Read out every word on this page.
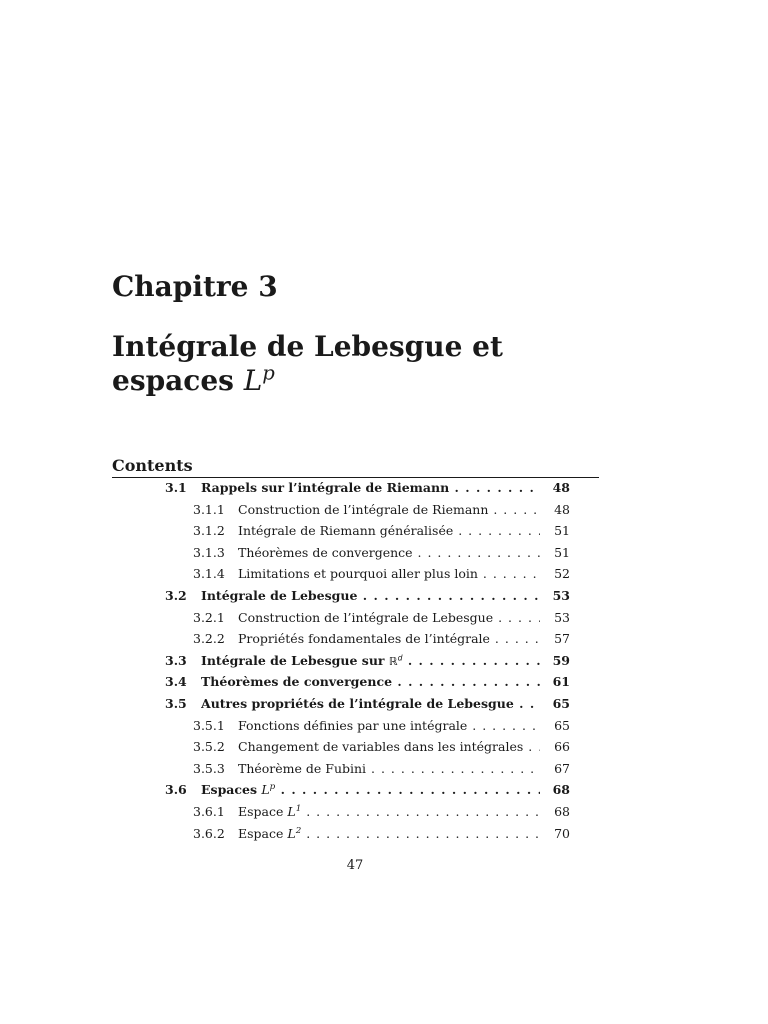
Chapitre 3
Intégrale de Lebesgue et espaces $L^p$
Contents
3.1 Rappels sur l’intégrale de Riemann . . .	48
3.1.1 Construction de l’intégrale de Riemann . . .	48
3.1.2 Intégrale de Riemann généralisée . . .	51
3.1.3 Théorèmes de convergence . . .	51
3.1.4 Limitations et pourquoi aller plus loin . . .	52
3.2 Intégrale de Lebesgue . . .	53
3.2.1 Construction de l’intégrale de Lebesgue . . .	53
3.2.2 Propriétés fondamentales de l’intégrale . . .	57
3.3 Intégrale de Lebesgue sur ℝ$^d$ . . .	59
3.4 Théorèmes de convergence . . .	61
3.5 Autres propriétés de l’intégrale de Lebesgue . . .	65
3.5.1 Fonctions définies par une intégrale . . .	65
3.5.2 Changement de variables dans les intégrales . . .	66
3.5.3 Théorème de Fubini . . .	67
3.6 Espaces $L^p$ . . .	68
3.6.1 Espace $L^1$ . . .	68
3.6.2 Espace $L^2$ . . .	70
47
